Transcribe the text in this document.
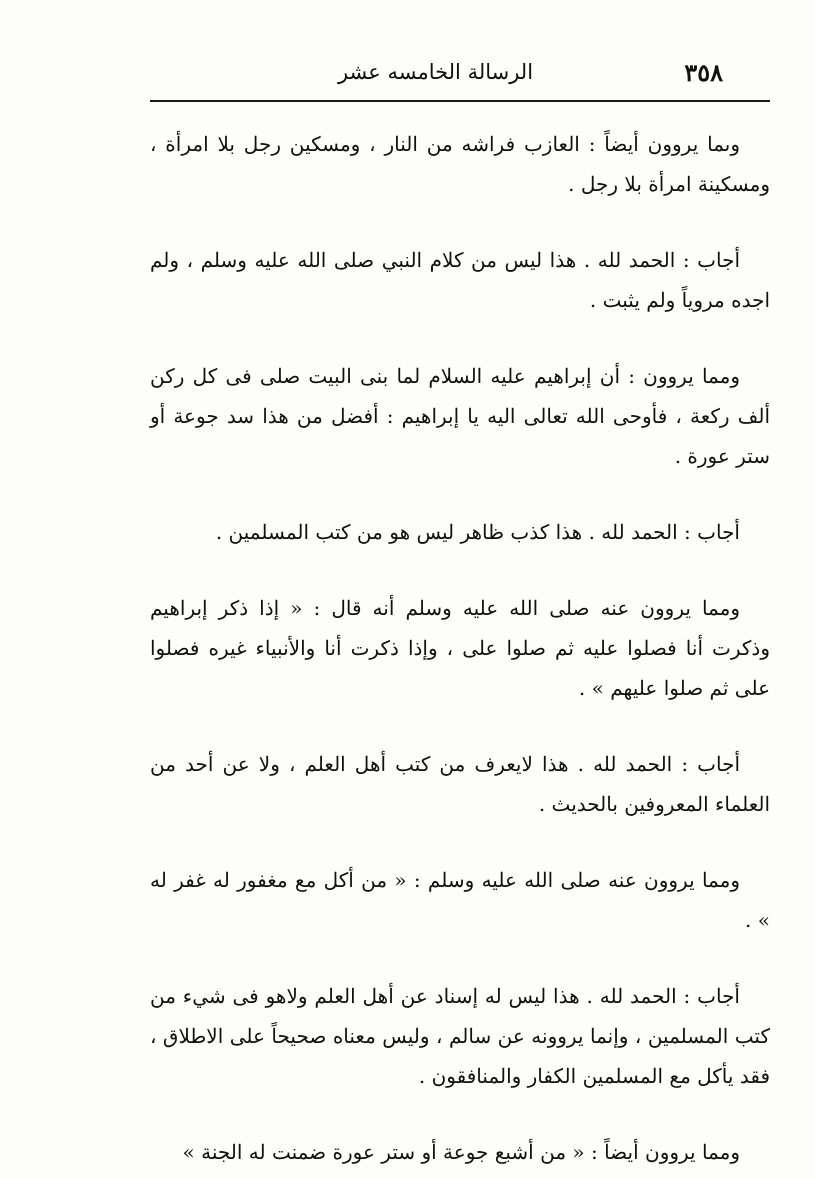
٣٥٨
الرسالة الخامسه عشر

وىما يروون أيضاً : العازب فراشه من النار ، ومسكين رجل بلا امرأة ، ومسكينة امرأة بلا رجل .

أجاب : الحمد لله . هذا ليس من كلام النبي صلى الله عليه وسلم ، ولم اجده مروياً ولم يثبت .

ومما يروون : أن إبراهيم عليه السلام لما بنى البيت صلى فى كل ركن ألف ركعة ، فأوحى الله تعالى اليه يا إبراهيم : أفضل من هذا سد جوعة أو ستر عورة .

أجاب : الحمد لله . هذا كذب ظاهر ليس هو من كتب المسلمين .

ومما يروون عنه صلى الله عليه وسلم أنه قال : « إذا ذكر إبراهيم وذكرت أنا فصلوا عليه ثم صلوا على ، وإذا ذكرت أنا والأنبياء غيره فصلوا على ثم صلوا عليهم » .

أجاب : الحمد لله . هذا لايعرف من كتب أهل العلم ، ولا عن أحد من العلماء المعروفين بالحديث .

ومما يروون عنه صلى الله عليه وسلم : « من أكل مع مغفور له غفر له » .

أجاب : الحمد لله . هذا ليس له إسناد عن أهل العلم ولاهو فى شيء من كتب المسلمين ، وإنما يروونه عن سالم ، وليس معناه صحيحاً على الاطلاق ، فقد يأكل مع المسلمين الكفار والمنافقون .

ومما يروون أيضاً : « من أشبع جوعة أو ستر عورة ضمنت له الجنة »
